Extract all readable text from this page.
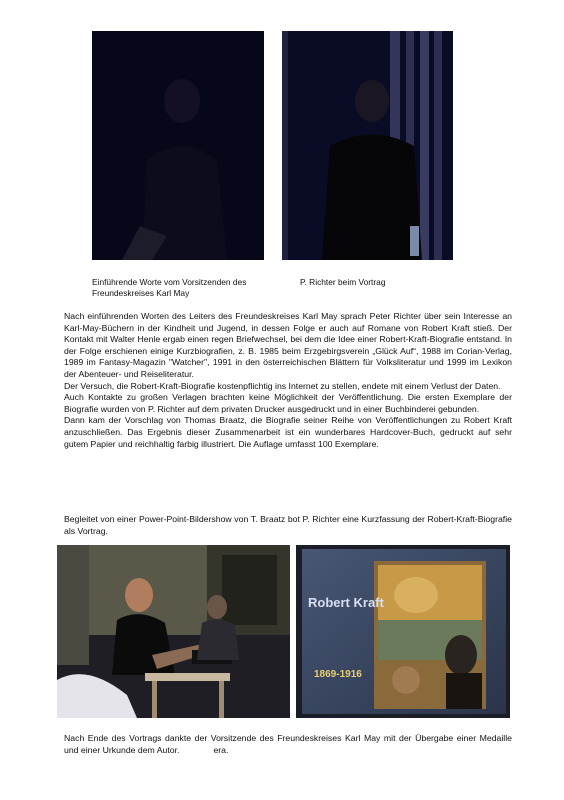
Einführende Worte vom Vorsitzenden des Freundeskreises Karl May
P. Richter beim Vortrag

Nach einführenden Worten des Leiters des Freundeskreises Karl May sprach Peter Richter über sein Interesse an Karl-May-Büchern in der Kindheit und Jugend, in dessen Folge er auch auf Romane von Robert Kraft stieß. Der Kontakt mit Walter Henle ergab einen regen Briefwechsel, bei dem die Idee einer Robert-Kraft-Biografie entstand. In der Folge erschienen einige Kurzbiografien, z. B. 1985 beim Erzgebirgsverein „Glück Auf“, 1988 im Corian-Verlag, 1989 im Fantasy-Magazin "Watcher", 1991 in den österreichischen Blättern für Volksliteratur und 1999 im Lexikon der Abenteuer- und Reiseliteratur.

Der Versuch, die Robert-Kraft-Biografie kostenpflichtig ins Internet zu stellen, endete mit einem Verlust der Daten.

Auch Kontakte zu großen Verlagen brachten keine Möglichkeit der Veröffentlichung. Die ersten Exemplare der Biografie wurden von P. Richter auf dem privaten Drucker ausgedruckt und in einer Buchbinderei gebunden.

Dann kam der Vorschlag von Thomas Braatz, die Biografie seiner Reihe von Veröffentlichungen zu Robert Kraft anzuschließen. Das Ergebnis dieser Zusammenarbeit ist ein wunderbares Hardcover-Buch, gedruckt auf sehr gutem Papier und reichhaltig farbig illustriert. Die Auflage umfasst 100 Exemplare.

Begleitet von einer Power-Point-Bildershow von T. Braatz bot P. Richter eine Kurzfassung der Robert-Kraft-Biografie als Vortrag.
Robert Kraft
1869-1916
Nach Ende des Vortrags dankte der Vorsitzende des Freundeskreises Karl May mit der Übergabe einer Medaille und einer Urkunde dem Autor.	era.
